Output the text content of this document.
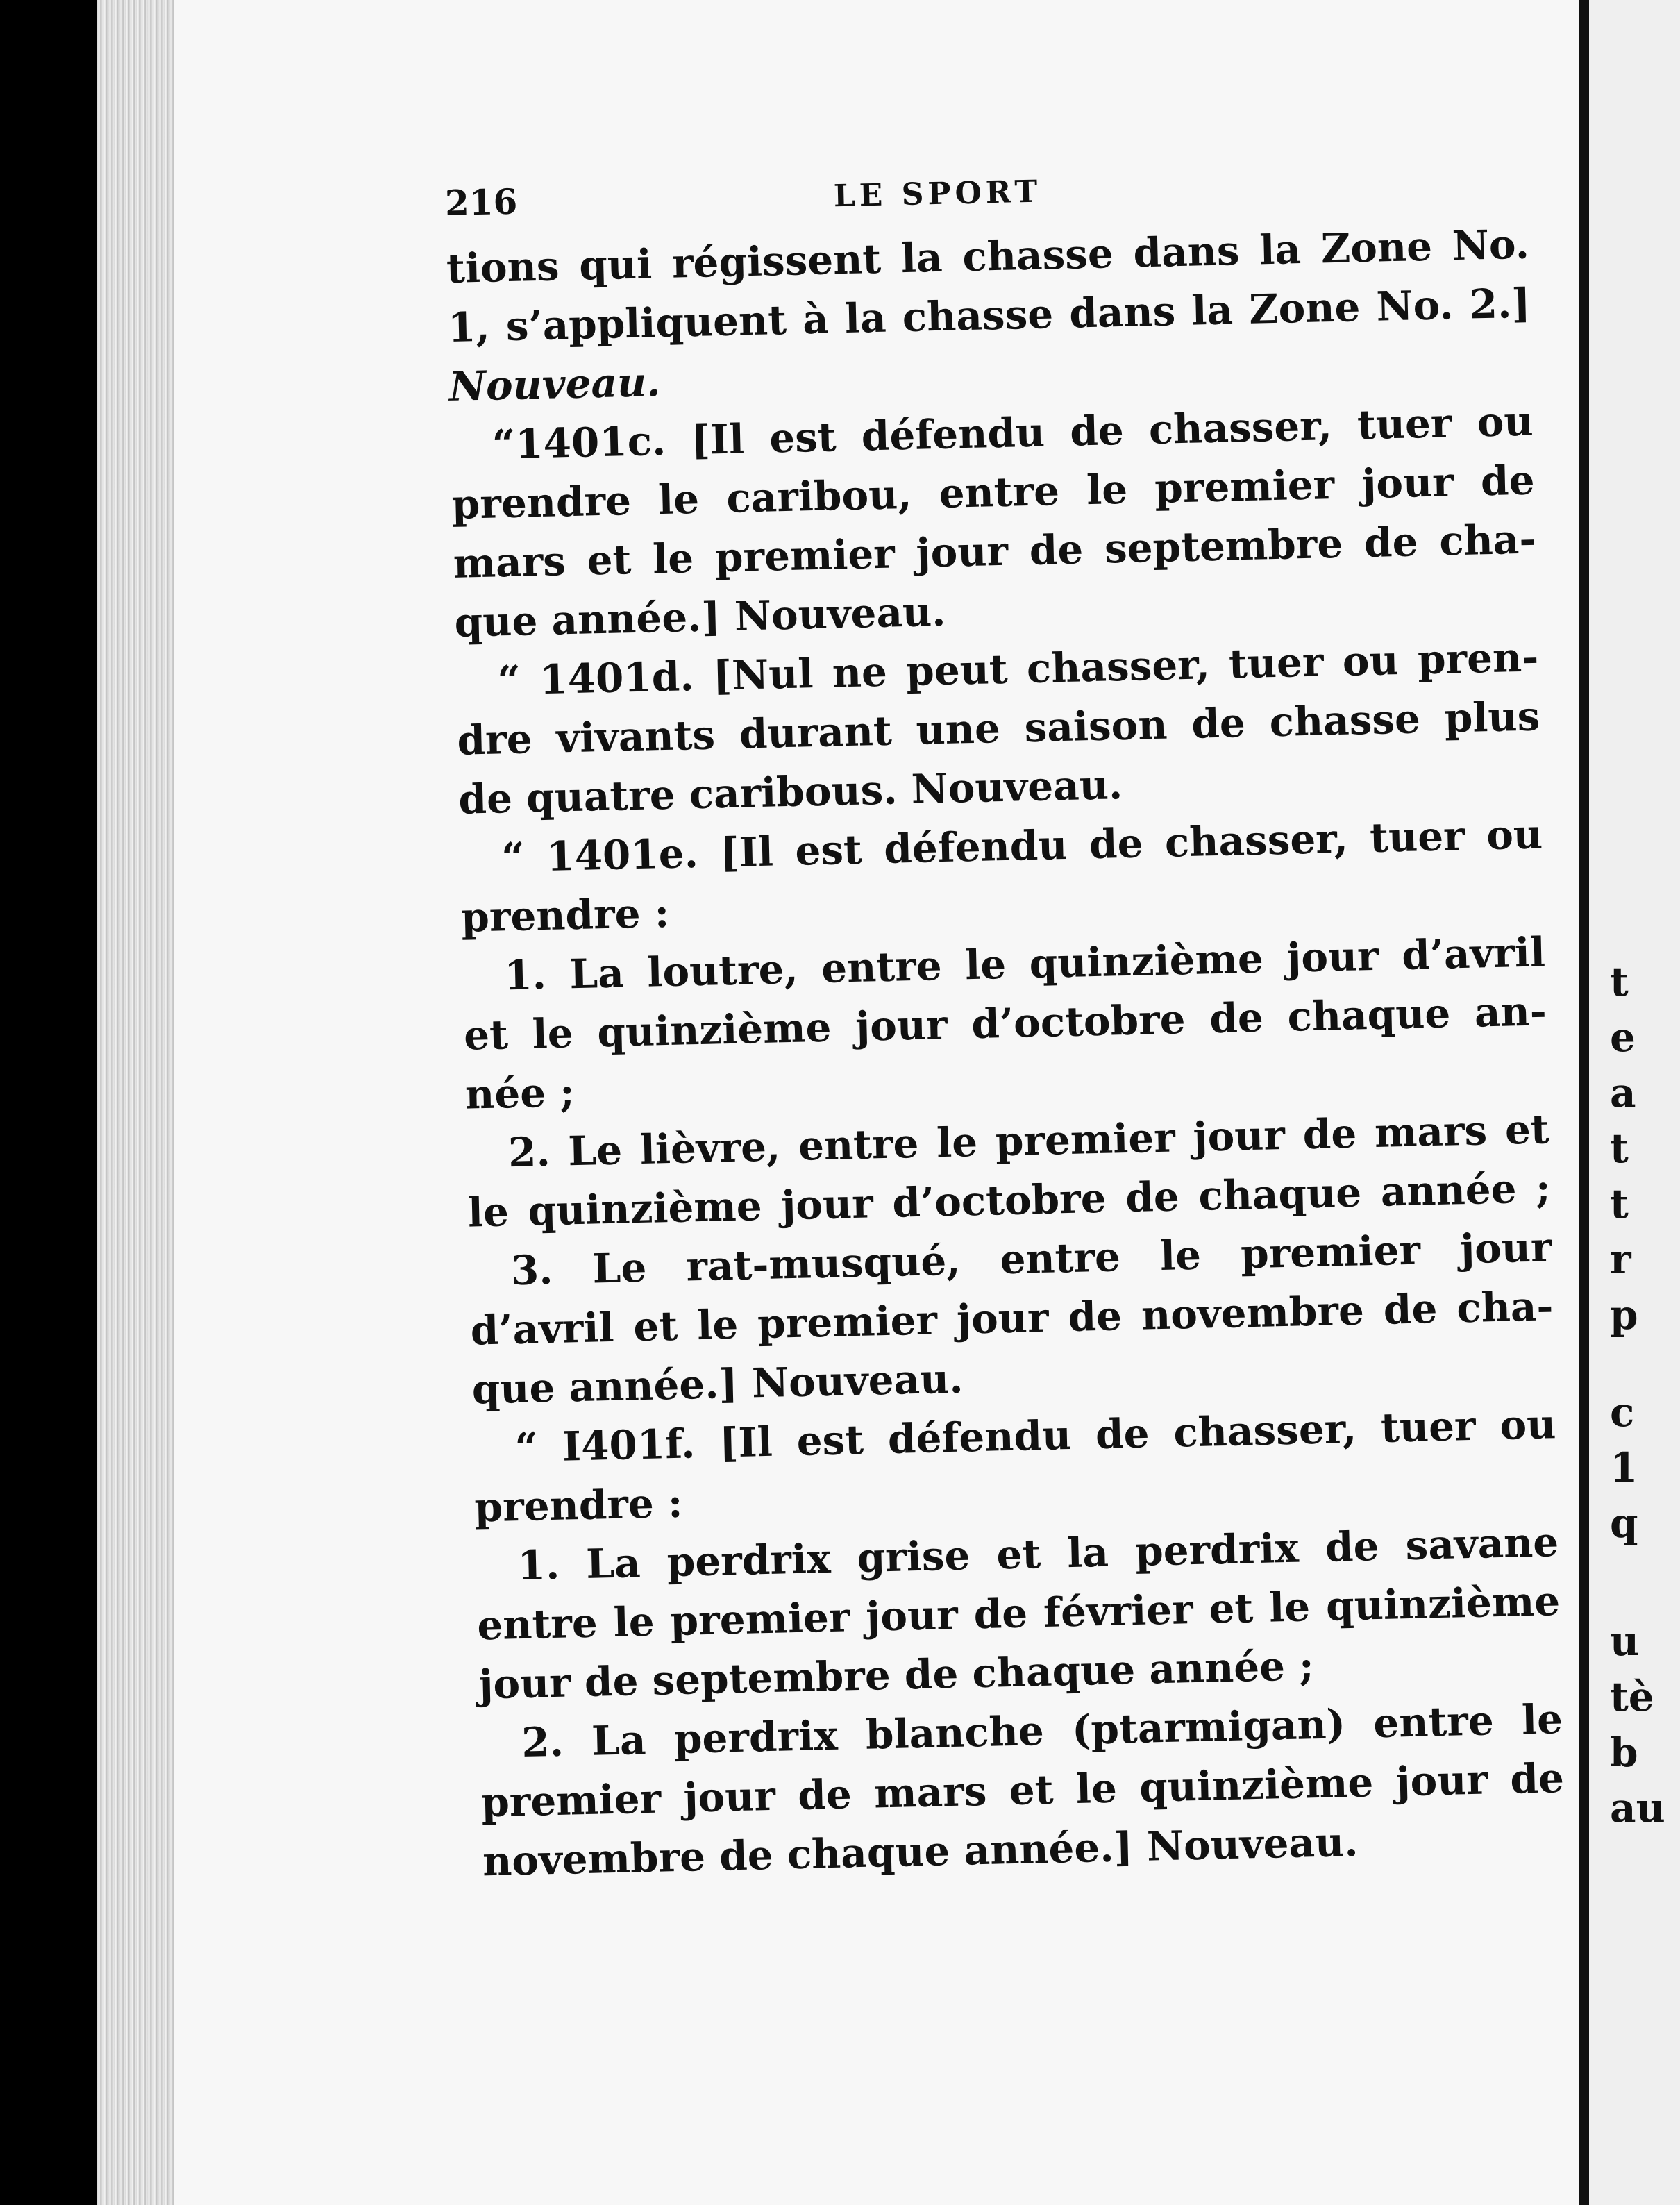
t
e
a
t
t
r
p
c
1
q
u
tè
b
au
216	LE SPORT
tions qui régissent la chasse dans la Zone No.
1, s’appliquent à la chasse dans la Zone No. 2.]
Nouveau.
“1401c. [Il est défendu de chasser, tuer ou
prendre le caribou, entre le premier jour de
mars et le premier jour de septembre de cha-
que année.] Nouveau.
“ 1401d. [Nul ne peut chasser, tuer ou pren-
dre vivants durant une saison de chasse plus
de quatre caribous. Nouveau.
“ 1401e. [Il est défendu de chasser, tuer ou
prendre :
1. La loutre, entre le quinzième jour d’avril
et le quinzième jour d’octobre de chaque an-
née ;
2. Le lièvre, entre le premier jour de mars et
le quinzième jour d’octobre de chaque année ;
3. Le rat-musqué, entre le premier jour
d’avril et le premier jour de novembre de cha-
que année.] Nouveau.
“ I401f. [Il est défendu de chasser, tuer ou
prendre :
1. La perdrix grise et la perdrix de savane
entre le premier jour de février et le quinzième
jour de septembre de chaque année ;
2. La perdrix blanche (ptarmigan) entre le
premier jour de mars et le quinzième jour de
novembre de chaque année.] Nouveau.
